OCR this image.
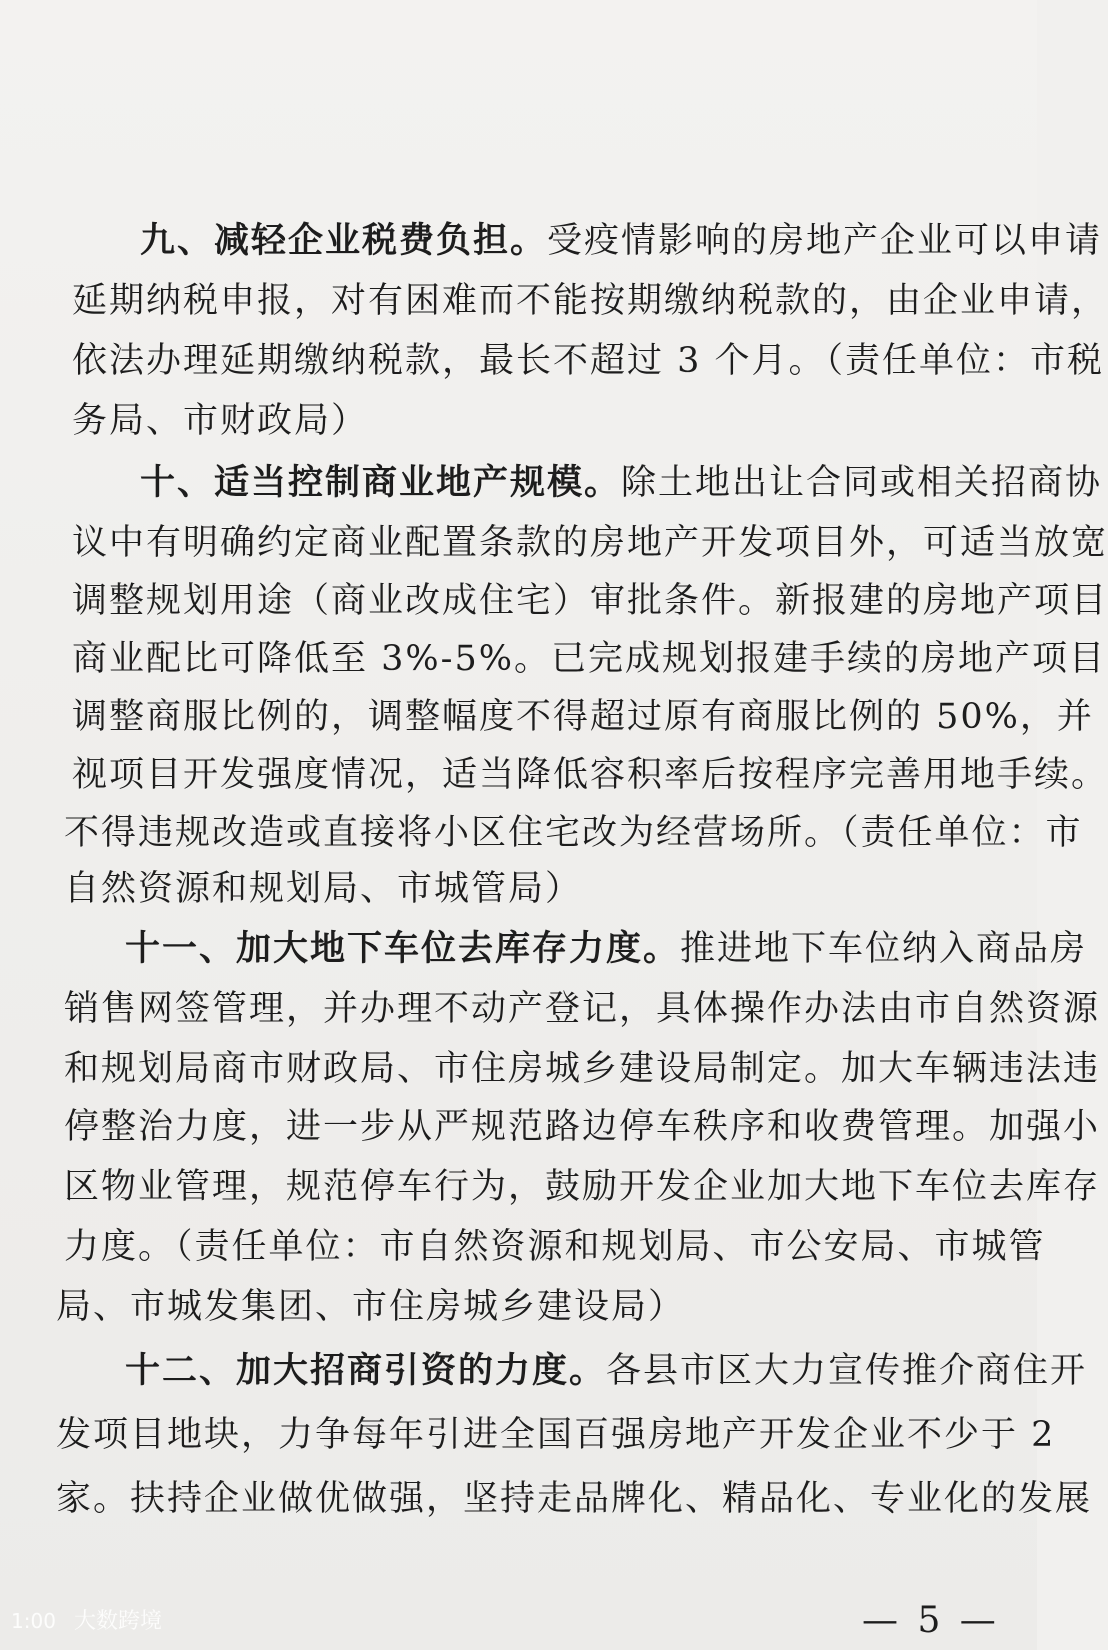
九、减轻企业税费负担。受疫情影响的房地产企业可以申请
延期纳税申报，对有困难而不能按期缴纳税款的，由企业申请，
依法办理延期缴纳税款，最长不超过 3 个月。（责任单位：市税
务局、市财政局）
十、适当控制商业地产规模。除土地出让合同或相关招商协
议中有明确约定商业配置条款的房地产开发项目外，可适当放宽
调整规划用途（商业改成住宅）审批条件。新报建的房地产项目
商业配比可降低至 3%-5%。已完成规划报建手续的房地产项目
调整商服比例的，调整幅度不得超过原有商服比例的 50%，并
视项目开发强度情况，适当降低容积率后按程序完善用地手续。
不得违规改造或直接将小区住宅改为经营场所。（责任单位：市
自然资源和规划局、市城管局）
十一、加大地下车位去库存力度。推进地下车位纳入商品房
销售网签管理，并办理不动产登记，具体操作办法由市自然资源
和规划局商市财政局、市住房城乡建设局制定。加大车辆违法违
停整治力度，进一步从严规范路边停车秩序和收费管理。加强小
区物业管理，规范停车行为，鼓励开发企业加大地下车位去库存
力度。（责任单位：市自然资源和规划局、市公安局、市城管
局、市城发集团、市住房城乡建设局）
十二、加大招商引资的力度。各县市区大力宣传推介商住开
发项目地块，力争每年引进全国百强房地产开发企业不少于 2
家。扶持企业做优做强，坚持走品牌化、精品化、专业化的发展
— 5 —
1:00 大数跨境
